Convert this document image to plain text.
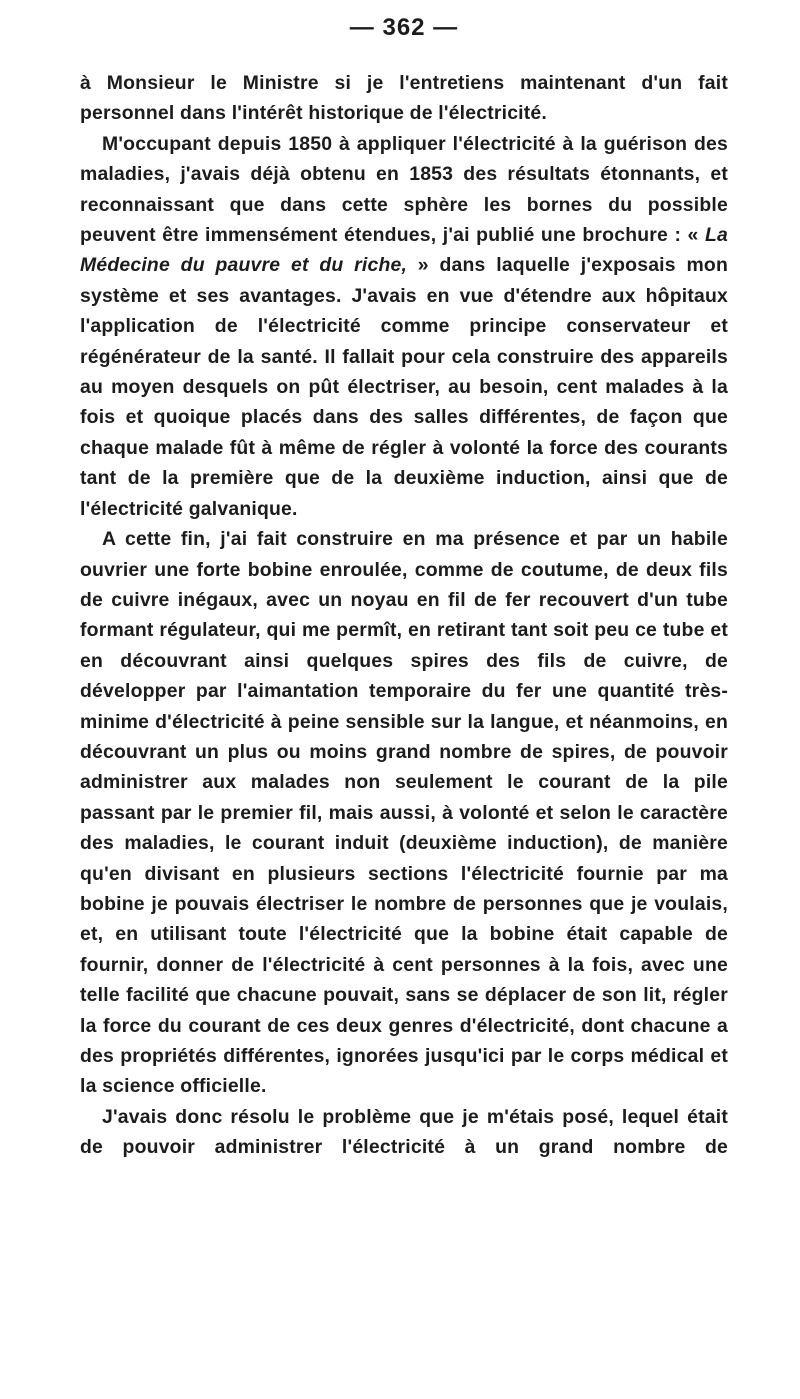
— 362 —

à Monsieur le Ministre si je l'entretiens maintenant d'un fait personnel dans l'intérêt historique de l'électricité.

M'occupant depuis 1850 à appliquer l'électricité à la guérison des maladies, j'avais déjà obtenu en 1853 des résultats étonnants, et reconnaissant que dans cette sphère les bornes du possible peuvent être immensément étendues, j'ai publié une brochure : « La Médecine du pauvre et du riche, » dans laquelle j'exposais mon système et ses avantages. J'avais en vue d'étendre aux hôpitaux l'application de l'électricité comme principe conservateur et régénérateur de la santé. Il fallait pour cela construire des appareils au moyen desquels on pût électriser, au besoin, cent malades à la fois et quoique placés dans des salles différentes, de façon que chaque malade fût à même de régler à volonté la force des courants tant de la première que de la deuxième induction, ainsi que de l'électricité galvanique.

A cette fin, j'ai fait construire en ma présence et par un habile ouvrier une forte bobine enroulée, comme de coutume, de deux fils de cuivre inégaux, avec un noyau en fil de fer recouvert d'un tube formant régulateur, qui me permît, en retirant tant soit peu ce tube et en découvrant ainsi quelques spires des fils de cuivre, de développer par l'aimantation temporaire du fer une quantité très-minime d'électricité à peine sensible sur la langue, et néanmoins, en découvrant un plus ou moins grand nombre de spires, de pouvoir administrer aux malades non seulement le courant de la pile passant par le premier fil, mais aussi, à volonté et selon le caractère des maladies, le courant induit (deuxième induction), de manière qu'en divisant en plusieurs sections l'électricité fournie par ma bobine je pouvais électriser le nombre de personnes que je voulais, et, en utilisant toute l'électricité que la bobine était capable de fournir, donner de l'électricité à cent personnes à la fois, avec une telle facilité que chacune pouvait, sans se déplacer de son lit, régler la force du courant de ces deux genres d'électricité, dont chacune a des propriétés différentes, ignorées jusqu'ici par le corps médical et la science officielle.

J'avais donc résolu le problème que je m'étais posé, lequel était de pouvoir administrer l'électricité à un grand nombre de
